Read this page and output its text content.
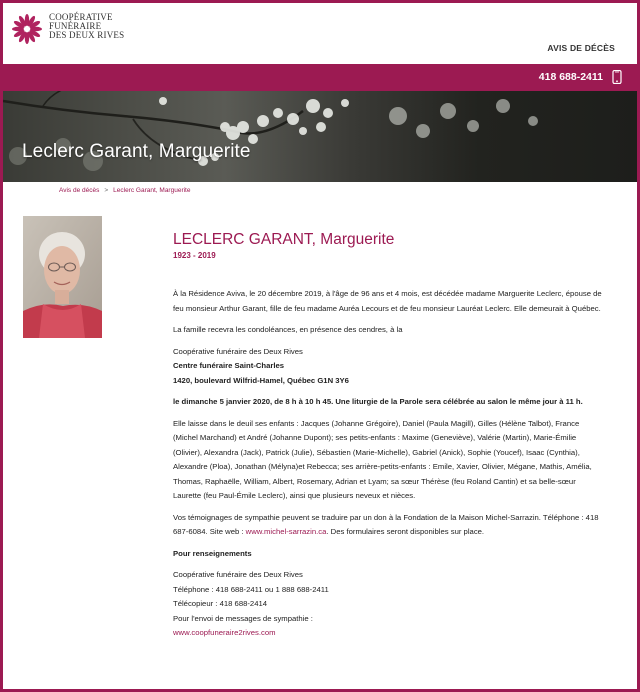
COOPÉRATIVE
FUNÉRAIRE
DES DEUX RIVES
AVIS DE DÉCÈS
418 688-2411
Leclerc Garant, Marguerite
Avis de décès > Leclerc Garant, Marguerite
LECLERC GARANT, Marguerite
1923 - 2019

À la Résidence Aviva, le 20 décembre 2019, à l'âge de 96 ans et 4 mois, est décédée madame Marguerite Leclerc, épouse de feu monsieur Arthur Garant, fille de feu madame Auréa Lecours et de feu monsieur Lauréat Leclerc. Elle demeurait à Québec.

La famille recevra les condoléances, en présence des cendres, à la

Coopérative funéraire des Deux Rives

Centre funéraire Saint-Charles

1420, boulevard Wilfrid-Hamel, Québec G1N 3Y6

le dimanche 5 janvier 2020, de 8 h à 10 h 45. Une liturgie de la Parole sera célébrée au salon le même jour à 11 h.

Elle laisse dans le deuil ses enfants : Jacques (Johanne Grégoire), Daniel (Paula Magill), Gilles (Hélène Talbot), France (Michel Marchand) et André (Johanne Dupont); ses petits-enfants : Maxime (Geneviève), Valérie (Martin), Marie-Émilie (Olivier), Alexandra (Jack), Patrick (Julie), Sébastien (Marie-Michelle), Gabriel (Anick), Sophie (Youcef), Isaac (Cynthia), Alexandre (Ploa), Jonathan (Mélyna)et Rebecca; ses arrière-petits-enfants : Emile, Xavier, Olivier, Mégane, Mathis, Amélia, Thomas, Raphaëlle, William, Albert, Rosemary, Adrian et Lyam; sa sœur Thérèse (feu Roland Cantin) et sa belle-sœur Laurette (feu Paul-Émile Leclerc), ainsi que plusieurs neveux et nièces.

Vos témoignages de sympathie peuvent se traduire par un don à la Fondation de la Maison Michel-Sarrazin. Téléphone : 418 687-6084. Site web : www.michel-sarrazin.ca. Des formulaires seront disponibles sur place.

Pour renseignements

Coopérative funéraire des Deux Rives

Téléphone : 418 688-2411 ou 1 888 688-2411

Télécopieur : 418 688-2414

Pour l'envoi de messages de sympathie :

www.coopfuneraire2rives.com
